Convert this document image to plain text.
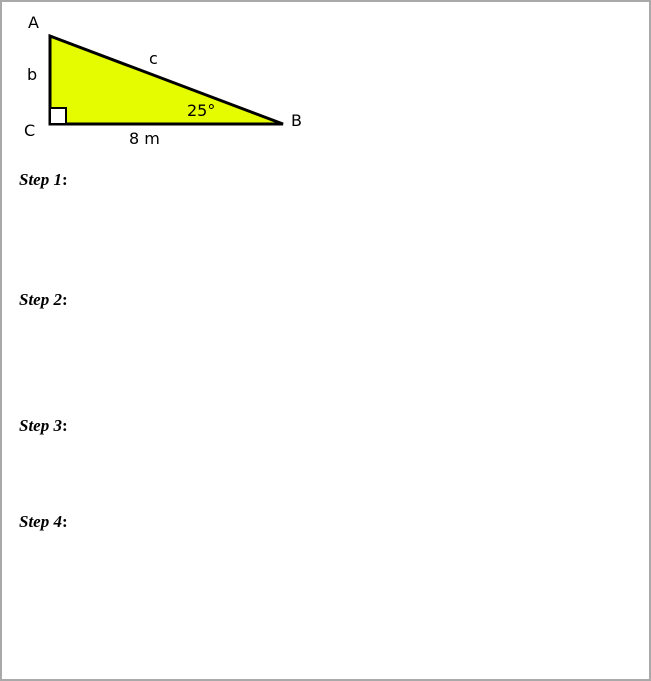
A
B
C
b
c
8 m
25°
Step 1:
Step 2:
Step 3:
Step 4:
